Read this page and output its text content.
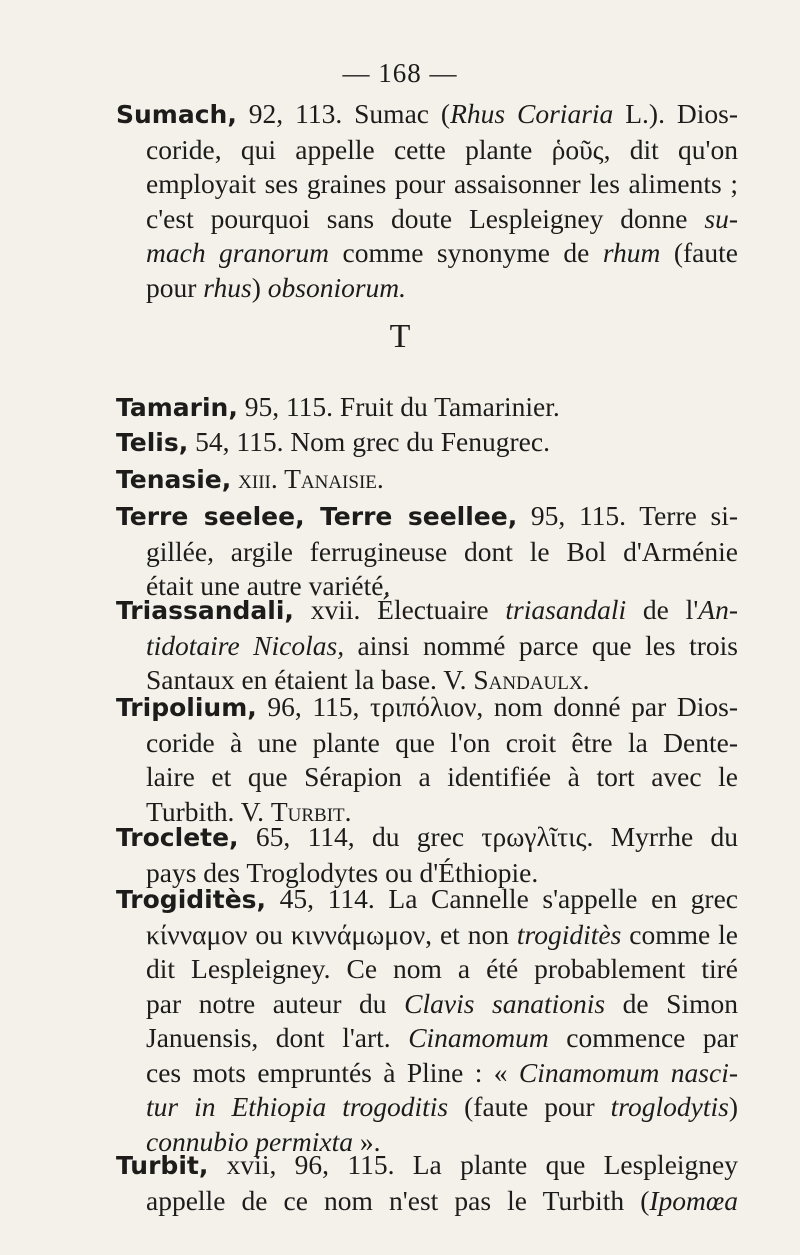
— 168 —
Sumach, 92, 113. Sumac (Rhus Coriaria L.). Dios-
coride, qui appelle cette plante ῥοῦς, dit qu'on
employait ses graines pour assaisonner les aliments ;
c'est pourquoi sans doute Lespleigney donne su-
mach granorum comme synonyme de rhum (faute
pour rhus) obsoniorum.
T
Tamarin, 95, 115. Fruit du Tamarinier.
Telis, 54, 115. Nom grec du Fenugrec.
Tenasie, xiii. Tanaisie.
Terre seelee, Terre seellee, 95, 115. Terre si-
gillée, argile ferrugineuse dont le Bol d'Arménie
était une autre variété.
Triassandali, xvii. Électuaire triasandali de l'An-
tidotaire Nicolas, ainsi nommé parce que les trois
Santaux en étaient la base. V. Sandaulx.
Tripolium, 96, 115, τριπόλιον, nom donné par Dios-
coride à une plante que l'on croit être la Dente-
laire et que Sérapion a identifiée à tort avec le
Turbith. V. Turbit.
Troclete, 65, 114, du grec τρωγλῖτις. Myrrhe du
pays des Troglodytes ou d'Éthiopie.
Trogiditès, 45, 114. La Cannelle s'appelle en grec
κίνναμον ou κιννάμωμον, et non trogiditès comme le
dit Lespleigney. Ce nom a été probablement tiré
par notre auteur du Clavis sanationis de Simon
Januensis, dont l'art. Cinamomum commence par
ces mots empruntés à Pline : « Cinamomum nasci-
tur in Ethiopia trogoditis (faute pour troglodytis)
connubio permixta ».
Turbit, xvii, 96, 115. La plante que Lespleigney
appelle de ce nom n'est pas le Turbith (Ipomœa
